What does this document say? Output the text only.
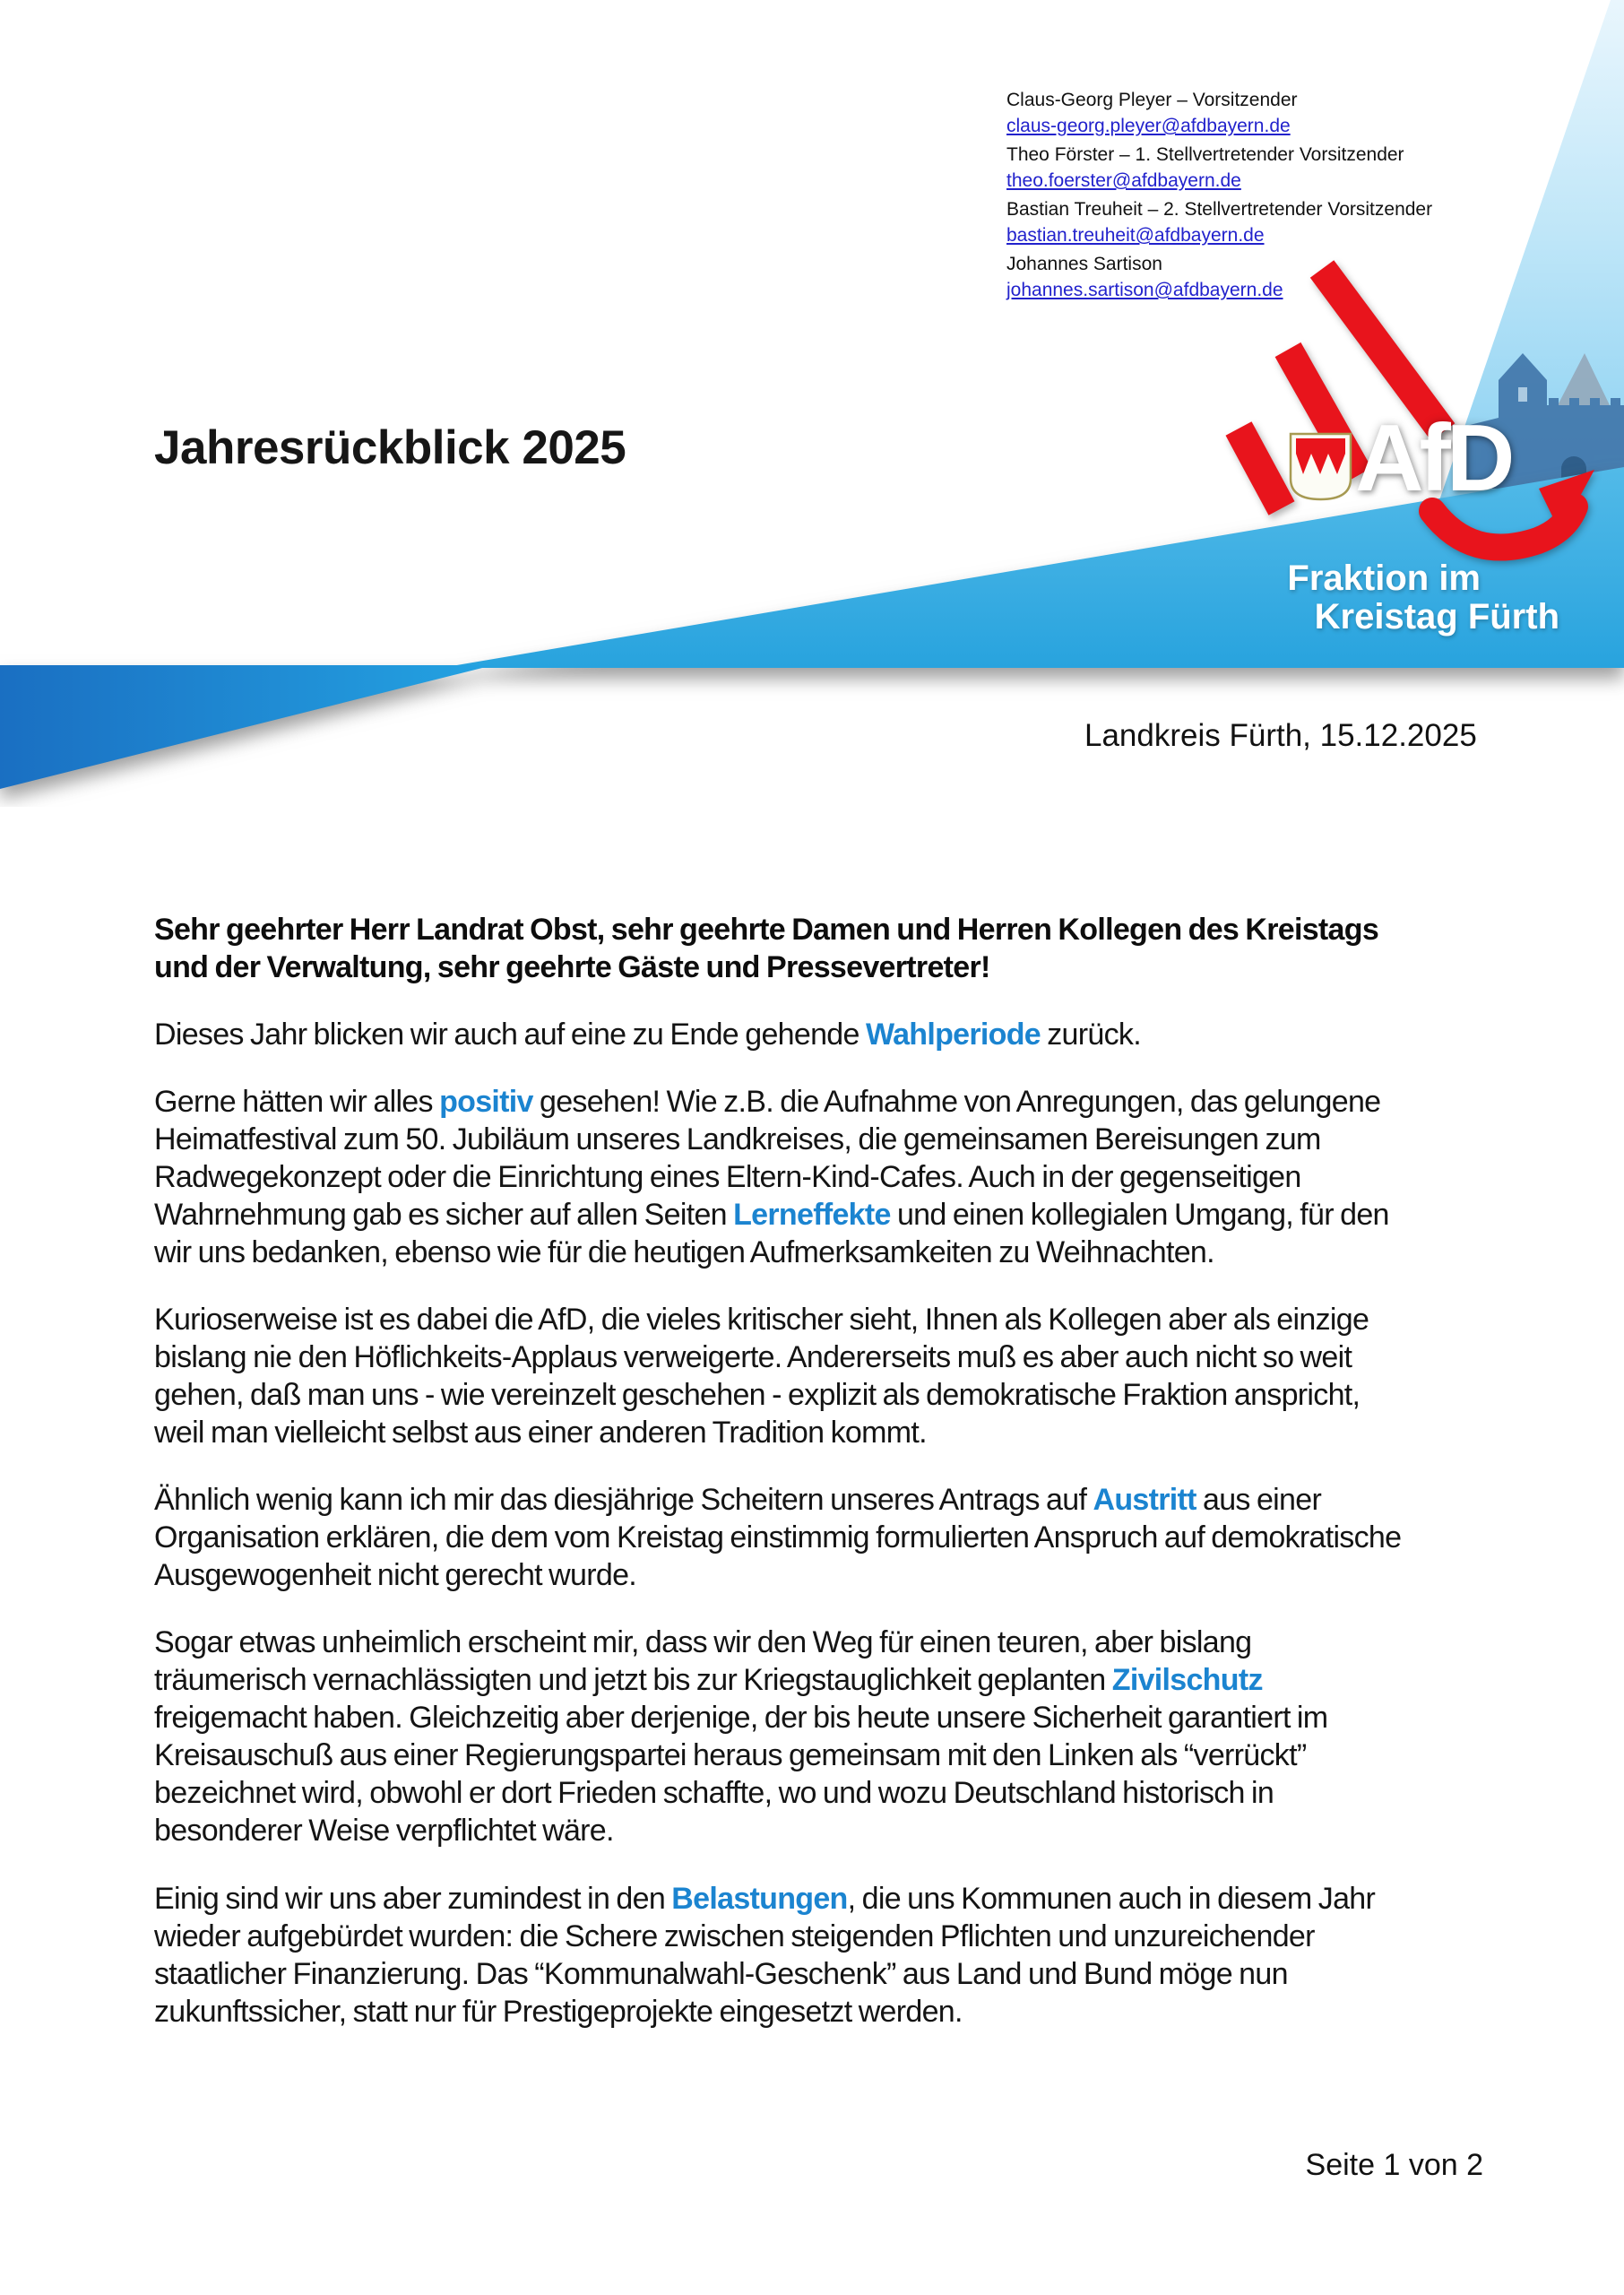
Claus-Georg Pleyer – Vorsitzender
claus-georg.pleyer@afdbayern.de
Theo Förster – 1. Stellvertretender Vorsitzender
theo.foerster@afdbayern.de
Bastian Treuheit – 2. Stellvertretender Vorsitzender
bastian.treuheit@afdbayern.de
Johannes Sartison
johannes.sartison@afdbayern.de
Jahresrückblick 2025	AfD
Fraktion im
Kreistag Fürth
Landkreis Fürth, 15.12.2025

Sehr geehrter Herr Landrat Obst, sehr geehrte Damen und Herren Kollegen des Kreistags
und der Verwaltung, sehr geehrte Gäste und Pressevertreter!

Dieses Jahr blicken wir auch auf eine zu Ende gehende Wahlperiode zurück.

Gerne hätten wir alles positiv gesehen! Wie z.B. die Aufnahme von Anregungen, das gelungene
Heimatfestival zum 50. Jubiläum unseres Landkreises, die gemeinsamen Bereisungen zum
Radwegekonzept oder die Einrichtung eines Eltern-Kind-Cafes. Auch in der gegenseitigen
Wahrnehmung gab es sicher auf allen Seiten Lerneffekte und einen kollegialen Umgang, für den
wir uns bedanken, ebenso wie für die heutigen Aufmerksamkeiten zu Weihnachten.

Kurioserweise ist es dabei die AfD, die vieles kritischer sieht, Ihnen als Kollegen aber als einzige
bislang nie den Höflichkeits-Applaus verweigerte. Andererseits muß es aber auch nicht so weit
gehen, daß man uns - wie vereinzelt geschehen - explizit als demokratische Fraktion anspricht,
weil man vielleicht selbst aus einer anderen Tradition kommt.

Ähnlich wenig kann ich mir das diesjährige Scheitern unseres Antrags auf Austritt aus einer
Organisation erklären, die dem vom Kreistag einstimmig formulierten Anspruch auf demokratische
Ausgewogenheit nicht gerecht wurde.

Sogar etwas unheimlich erscheint mir, dass wir den Weg für einen teuren, aber bislang
träumerisch vernachlässigten und jetzt bis zur Kriegstauglichkeit geplanten Zivilschutz
freigemacht haben. Gleichzeitig aber derjenige, der bis heute unsere Sicherheit garantiert im
Kreisauschuß aus einer Regierungspartei heraus gemeinsam mit den Linken als “verrückt”
bezeichnet wird, obwohl er dort Frieden schaffte, wo und wozu Deutschland historisch in
besonderer Weise verpflichtet wäre.

Einig sind wir uns aber zumindest in den Belastungen, die uns Kommunen auch in diesem Jahr
wieder aufgebürdet wurden: die Schere zwischen steigenden Pflichten und unzureichender
staatlicher Finanzierung. Das “Kommunalwahl-Geschenk” aus Land und Bund möge nun
zukunftssicher, statt nur für Prestigeprojekte eingesetzt werden.

Seite 1 von 2
